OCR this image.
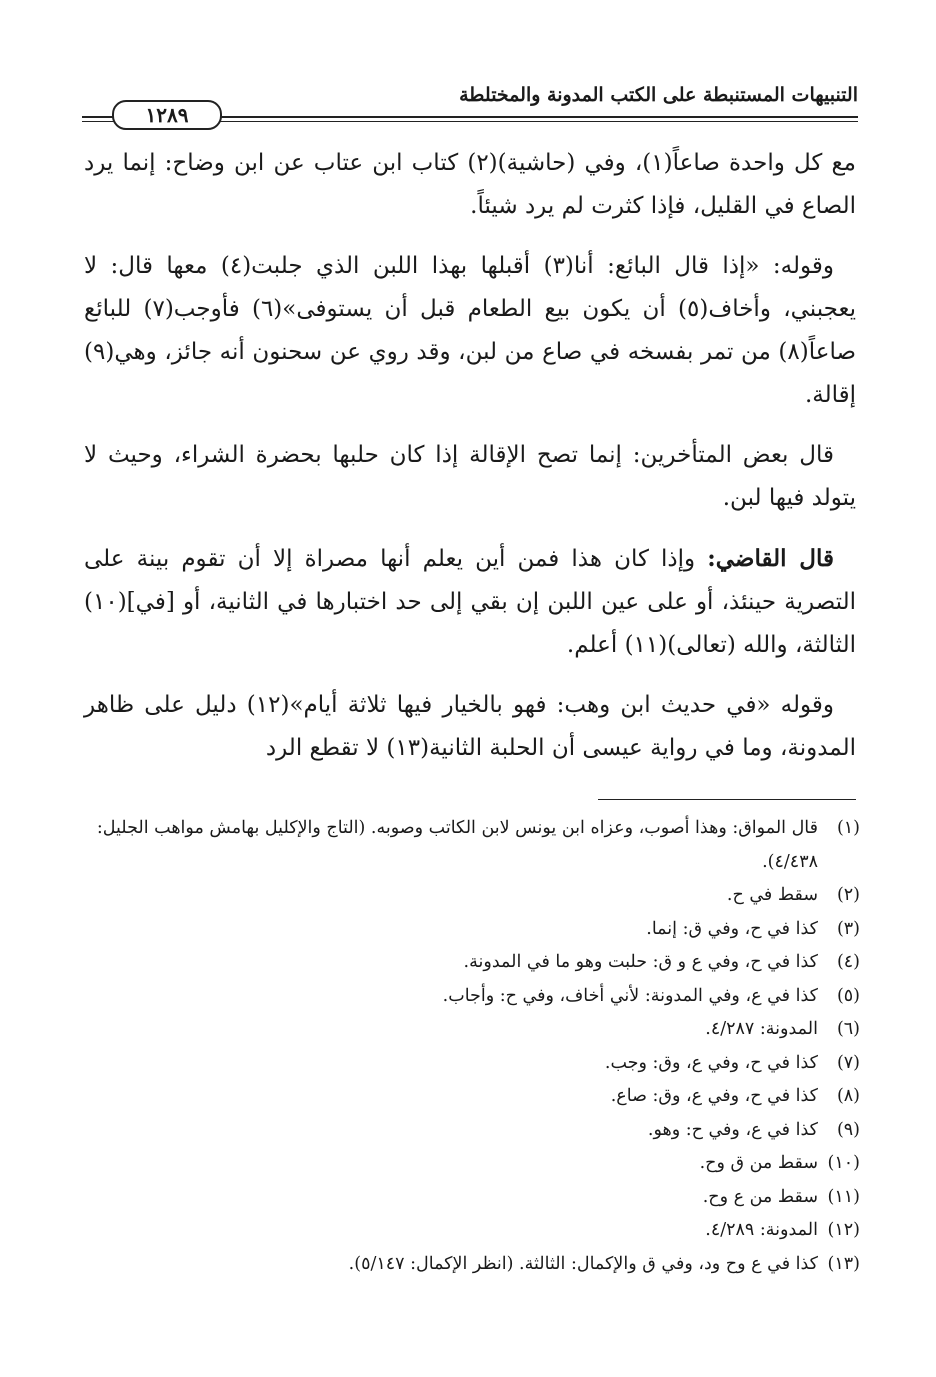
التنبيهات المستنبطة على الكتب المدونة والمختلطة
١٢٨٩

مع كل واحدة صاعاً(١)، وفي (حاشية)(٢) كتاب ابن عتاب عن ابن وضاح: إنما يرد الصاع في القليل، فإذا كثرت لم يرد شيئاً.

وقوله: «إذا قال البائع: أنا(٣) أقبلها بهذا اللبن الذي جلبت(٤) معها قال: لا يعجبني، وأخاف(٥) أن يكون بيع الطعام قبل أن يستوفى»(٦) فأوجب(٧) للبائع صاعاً(٨) من تمر بفسخه في صاع من لبن، وقد روي عن سحنون أنه جائز، وهي(٩) إقالة.

قال بعض المتأخرين: إنما تصح الإقالة إذا كان حلبها بحضرة الشراء، وحيث لا يتولد فيها لبن.

قال القاضي: وإذا كان هذا فمن أين يعلم أنها مصراة إلا أن تقوم بينة على التصرية حينئذ، أو على عين اللبن إن بقي إلى حد اختبارها في الثانية، أو [في](١٠) الثالثة، والله (تعالى)(١١) أعلم.

وقوله «في حديث ابن وهب: فهو بالخيار فيها ثلاثة أيام»(١٢) دليل على ظاهر المدونة، وما في رواية عيسى أن الحلبة الثانية(١٣) لا تقطع الرد

(١)
قال المواق: وهذا أصوب، وعزاه ابن يونس لابن الكاتب وصوبه. (التاج والإكليل بهامش مواهب الجليل: ٤/٤٣٨).
(٢)
سقط في ح.
(٣)
كذا في ح، وفي ق: إنما.
(٤)
كذا في ح، وفي ع و ق: حلبت وهو ما في المدونة.
(٥)
كذا في ع، وفي المدونة: لأني أخاف، وفي ح: وأجاب.
(٦)
المدونة: ٤/٢٨٧.
(٧)
كذا في ح، وفي ع، وق: وجب.
(٨)
كذا في ح، وفي ع، وق: صاع.
(٩)
كذا في ع، وفي ح: وهو.
(١٠)
سقط من ق وح.
(١١)
سقط من ع وح.
(١٢)
المدونة: ٤/٢٨٩.
(١٣)
كذا في ع وح ود، وفي ق والإكمال: الثالثة. (انظر الإكمال: ٥/١٤٧).
